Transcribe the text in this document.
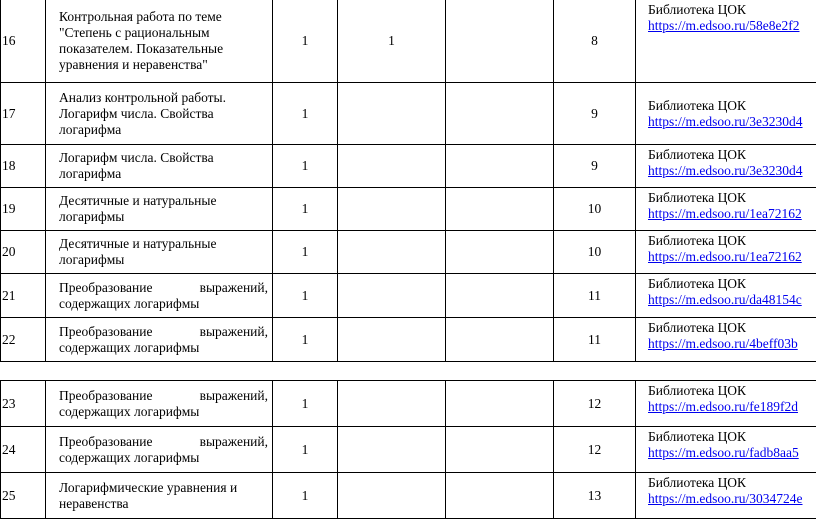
16	Контрольная работа по теме "Степень с рациональным показателем. Показательные уравнения и неравенства"	1	1		8	Библиотека ЦОК
https://m.edsoo.ru/58e8e2f2
17	Анализ контрольной работы. Логарифм числа. Свойства логарифма	1			9	Библиотека ЦОК
https://m.edsoo.ru/3e3230d4
18	Логарифм числа. Свойства логарифма	1			9	Библиотека ЦОК
https://m.edsoo.ru/3e3230d4
19	Десятичные и натуральные логарифмы	1			10	Библиотека ЦОК
https://m.edsoo.ru/1ea72162
20	Десятичные и натуральные логарифмы	1			10	Библиотека ЦОК
https://m.edsoo.ru/1ea72162
21	Преобразование выражений,
содержащих логарифмы	1			11	Библиотека ЦОК
https://m.edsoo.ru/da48154c
22	Преобразование выражений,
содержащих логарифмы	1			11	Библиотека ЦОК
https://m.edsoo.ru/4beff03b
23	Преобразование выражений,
содержащих логарифмы	1			12	Библиотека ЦОК
https://m.edsoo.ru/fe189f2d
24	Преобразование выражений,
содержащих логарифмы	1			12	Библиотека ЦОК
https://m.edsoo.ru/fadb8aa5
25	Логарифмические уравнения и неравенства	1			13	Библиотека ЦОК
https://m.edsoo.ru/3034724e
